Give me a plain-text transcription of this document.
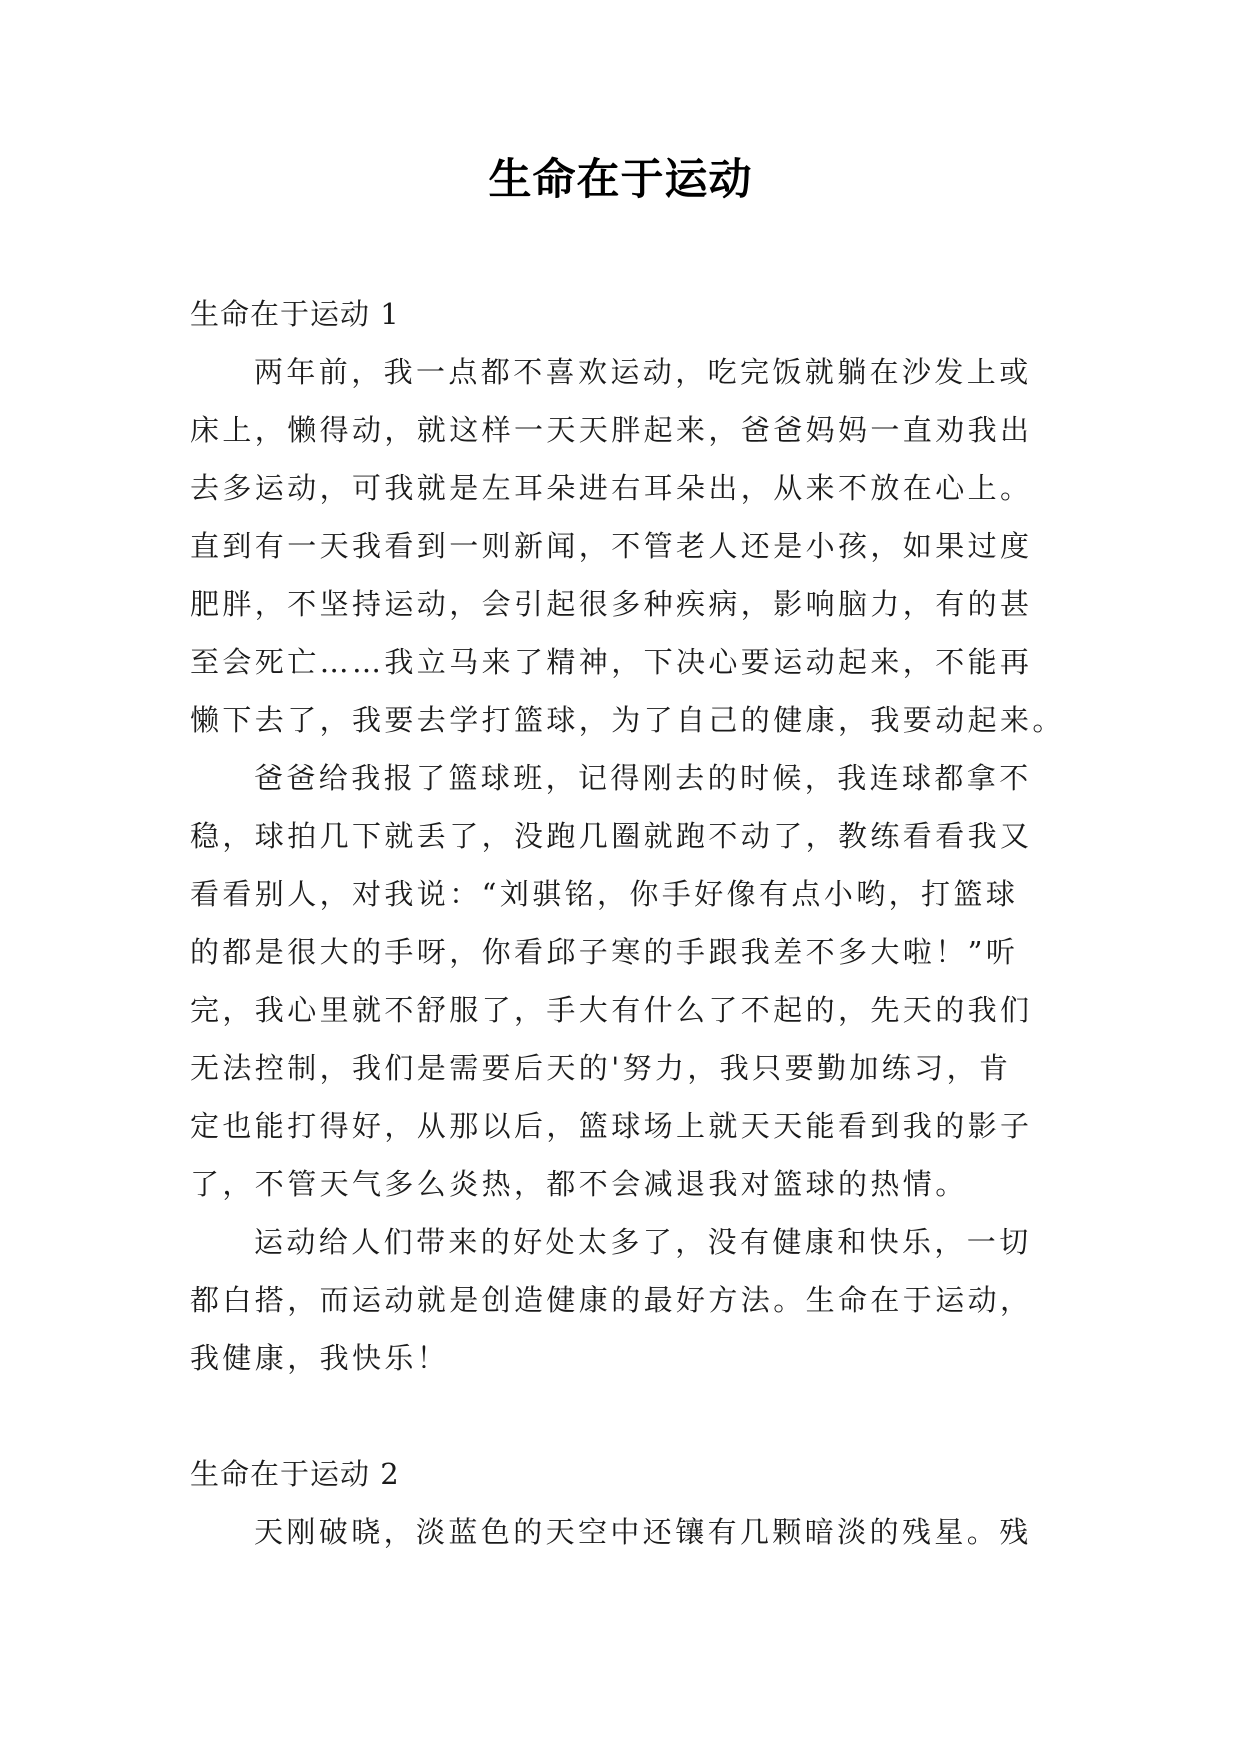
生命在于运动

生命在于运动 1

两年前，我一点都不喜欢运动，吃完饭就躺在沙发上或
床上，懒得动，就这样一天天胖起来，爸爸妈妈一直劝我出
去多运动，可我就是左耳朵进右耳朵出，从来不放在心上。
直到有一天我看到一则新闻，不管老人还是小孩，如果过度
肥胖，不坚持运动，会引起很多种疾病，影响脑力，有的甚
至会死亡……我立马来了精神，下决心要运动起来，不能再
懒下去了，我要去学打篮球，为了自己的健康，我要动起来。

爸爸给我报了篮球班，记得刚去的时候，我连球都拿不
稳，球拍几下就丢了，没跑几圈就跑不动了，教练看看我又
看看别人，对我说：“刘骐铭，你手好像有点小哟，打篮球
的都是很大的手呀，你看邱子寒的手跟我差不多大啦！”听
完，我心里就不舒服了，手大有什么了不起的，先天的我们
无法控制，我们是需要后天的'努力，我只要勤加练习，肯
定也能打得好，从那以后，篮球场上就天天能看到我的影子
了，不管天气多么炎热，都不会减退我对篮球的热情。

运动给人们带来的好处太多了，没有健康和快乐，一切
都白搭，而运动就是创造健康的最好方法。生命在于运动，
我健康，我快乐！

生命在于运动 2

天刚破晓，淡蓝色的天空中还镶有几颗暗淡的残星。残
